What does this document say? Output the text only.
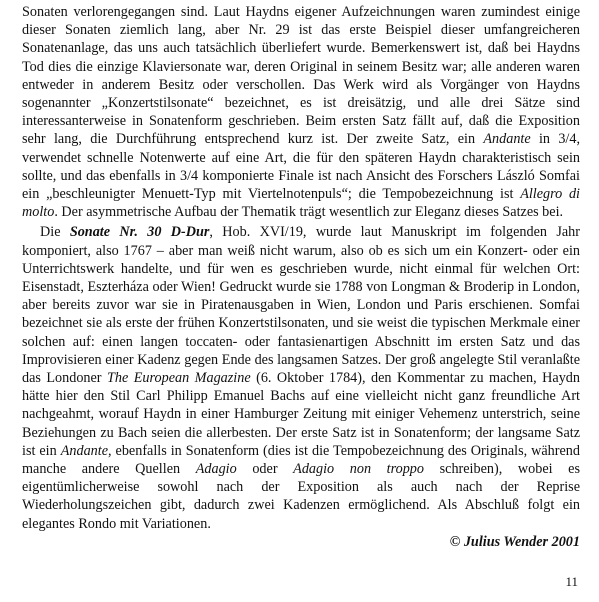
Sonaten verlorengegangen sind. Laut Haydns eigener Aufzeichnungen waren zumindest einige dieser Sonaten ziemlich lang, aber Nr. 29 ist das erste Beispiel dieser umfangreicheren Sonatenanlage, das uns auch tatsächlich überliefert wurde. Bemerkenswert ist, daß bei Haydns Tod dies die einzige Klaviersonate war, deren Original in seinem Besitz war; alle anderen waren entweder in anderem Besitz oder verschollen. Das Werk wird als Vorgänger von Haydns sogenannter „Konzertstilsonate“ bezeichnet, es ist dreisätzig, und alle drei Sätze sind interessanterweise in Sonatenform geschrieben. Beim ersten Satz fällt auf, daß die Exposition sehr lang, die Durchführung entsprechend kurz ist. Der zweite Satz, ein Andante in 3/4, verwendet schnelle Notenwerte auf eine Art, die für den späteren Haydn charakteristisch sein sollte, und das ebenfalls in 3/4 komponierte Finale ist nach Ansicht des Forschers László Somfai ein „beschleunigter Menuett-Typ mit Viertelnotenpuls“; die Tempobezeichnung ist Allegro di molto. Der asymmetrische Aufbau der Thematik trägt wesentlich zur Eleganz dieses Satzes bei.

Die Sonate Nr. 30 D-Dur, Hob. XVI/19, wurde laut Manuskript im folgenden Jahr komponiert, also 1767 – aber man weiß nicht warum, also ob es sich um ein Konzert- oder ein Unterrichtswerk handelte, und für wen es geschrieben wurde, nicht einmal für welchen Ort: Eisenstadt, Eszterháza oder Wien! Gedruckt wurde sie 1788 von Longman & Broderip in London, aber bereits zuvor war sie in Piratenausgaben in Wien, London und Paris erschienen. Somfai bezeichnet sie als erste der frühen Konzertstilsonaten, und sie weist die typischen Merkmale einer solchen auf: einen langen toccaten- oder fantasienartigen Abschnitt im ersten Satz und das Improvisieren einer Kadenz gegen Ende des langsamen Satzes. Der groß angelegte Stil veranlaßte das Londoner The European Magazine (6. Oktober 1784), den Kommentar zu machen, Haydn hätte hier den Stil Carl Philipp Emanuel Bachs auf eine vielleicht nicht ganz freundliche Art nachgeahmt, worauf Haydn in einer Hamburger Zeitung mit einiger Vehemenz unterstrich, seine Beziehungen zu Bach seien die allerbesten. Der erste Satz ist in Sonatenform; der langsame Satz ist ein Andante, ebenfalls in Sonatenform (dies ist die Tempobezeichnung des Originals, während manche andere Quellen Adagio oder Adagio non troppo schreiben), wobei es eigentümlicherweise sowohl nach der Exposition als auch nach der Reprise Wiederholungszeichen gibt, dadurch zwei Kadenzen ermöglichend. Als Abschluß folgt ein elegantes Rondo mit Variationen.

© Julius Wender 2001

11
